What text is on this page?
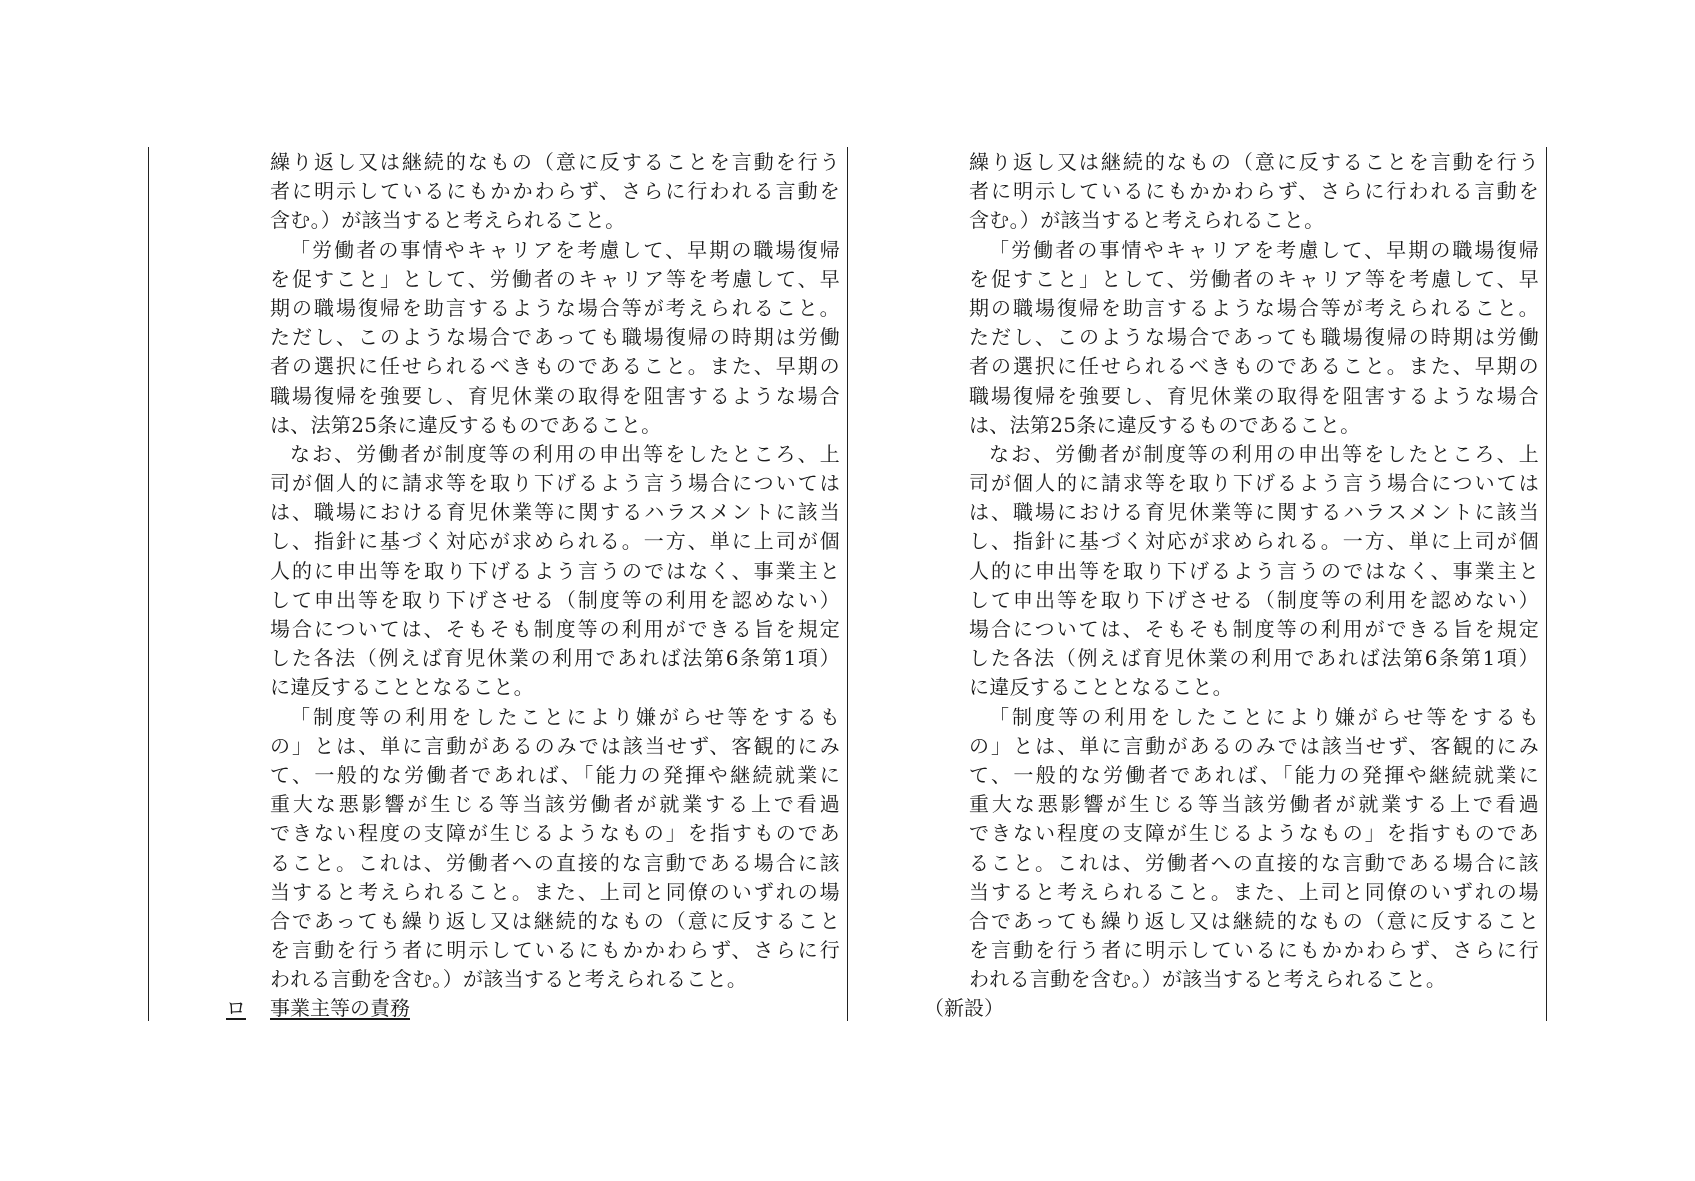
繰り返し又は継続的なもの（意に反することを言動を行う
者に明示しているにもかかわらず、さらに行われる言動を
含む。）が該当すると考えられること。
「労働者の事情やキャリアを考慮して、早期の職場復帰
を促すこと」として、労働者のキャリア等を考慮して、早
期の職場復帰を助言するような場合等が考えられること。
ただし、このような場合であっても職場復帰の時期は労働
者の選択に任せられるべきものであること。また、早期の
職場復帰を強要し、育児休業の取得を阻害するような場合
は、法第25条に違反するものであること。
なお、労働者が制度等の利用の申出等をしたところ、上
司が個人的に請求等を取り下げるよう言う場合については
は、職場における育児休業等に関するハラスメントに該当
し、指針に基づく対応が求められる。一方、単に上司が個
人的に申出等を取り下げるよう言うのではなく、事業主と
して申出等を取り下げさせる（制度等の利用を認めない）
場合については、そもそも制度等の利用ができる旨を規定
した各法（例えば育児休業の利用であれば法第6条第1項）
に違反することとなること。
「制度等の利用をしたことにより嫌がらせ等をするも
の」とは、単に言動があるのみでは該当せず、客観的にみ
て、一般的な労働者であれば、「能力の発揮や継続就業に
重大な悪影響が生じる等当該労働者が就業する上で看過
できない程度の支障が生じるようなもの」を指すものであ
ること。これは、労働者への直接的な言動である場合に該
当すると考えられること。また、上司と同僚のいずれの場
合であっても繰り返し又は継続的なもの（意に反すること
を言動を行う者に明示しているにもかかわらず、さらに行
われる言動を含む。）が該当すると考えられること。
ロ 事業主等の責務
繰り返し又は継続的なもの（意に反することを言動を行う
者に明示しているにもかかわらず、さらに行われる言動を
含む。）が該当すると考えられること。
「労働者の事情やキャリアを考慮して、早期の職場復帰
を促すこと」として、労働者のキャリア等を考慮して、早
期の職場復帰を助言するような場合等が考えられること。
ただし、このような場合であっても職場復帰の時期は労働
者の選択に任せられるべきものであること。また、早期の
職場復帰を強要し、育児休業の取得を阻害するような場合
は、法第25条に違反するものであること。
なお、労働者が制度等の利用の申出等をしたところ、上
司が個人的に請求等を取り下げるよう言う場合については
は、職場における育児休業等に関するハラスメントに該当
し、指針に基づく対応が求められる。一方、単に上司が個
人的に申出等を取り下げるよう言うのではなく、事業主と
して申出等を取り下げさせる（制度等の利用を認めない）
場合については、そもそも制度等の利用ができる旨を規定
した各法（例えば育児休業の利用であれば法第6条第1項）
に違反することとなること。
「制度等の利用をしたことにより嫌がらせ等をするも
の」とは、単に言動があるのみでは該当せず、客観的にみ
て、一般的な労働者であれば、「能力の発揮や継続就業に
重大な悪影響が生じる等当該労働者が就業する上で看過
できない程度の支障が生じるようなもの」を指すものであ
ること。これは、労働者への直接的な言動である場合に該
当すると考えられること。また、上司と同僚のいずれの場
合であっても繰り返し又は継続的なもの（意に反すること
を言動を行う者に明示しているにもかかわらず、さらに行
われる言動を含む。）が該当すると考えられること。
（新設）
